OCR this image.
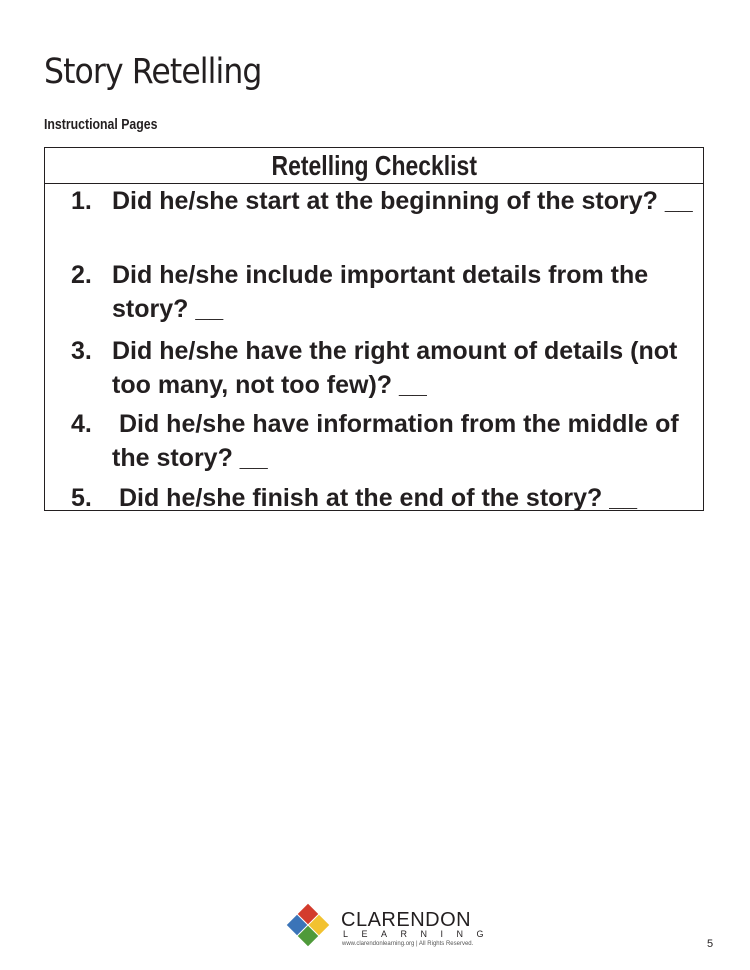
Story Retelling
Instructional Pages
Retelling Checklist
1. Did he/she start at the beginning of the story? __
2. Did he/she include important details from the story? __
3. Did he/she have the right amount of details (not too many, not too few)? __
4. Did he/she have information from the middle of the story? __
5. Did he/she finish at the end of the story? __
CLARENDON
LEARNING
www.clarendonlearning.org | All Rights Reserved.	5
